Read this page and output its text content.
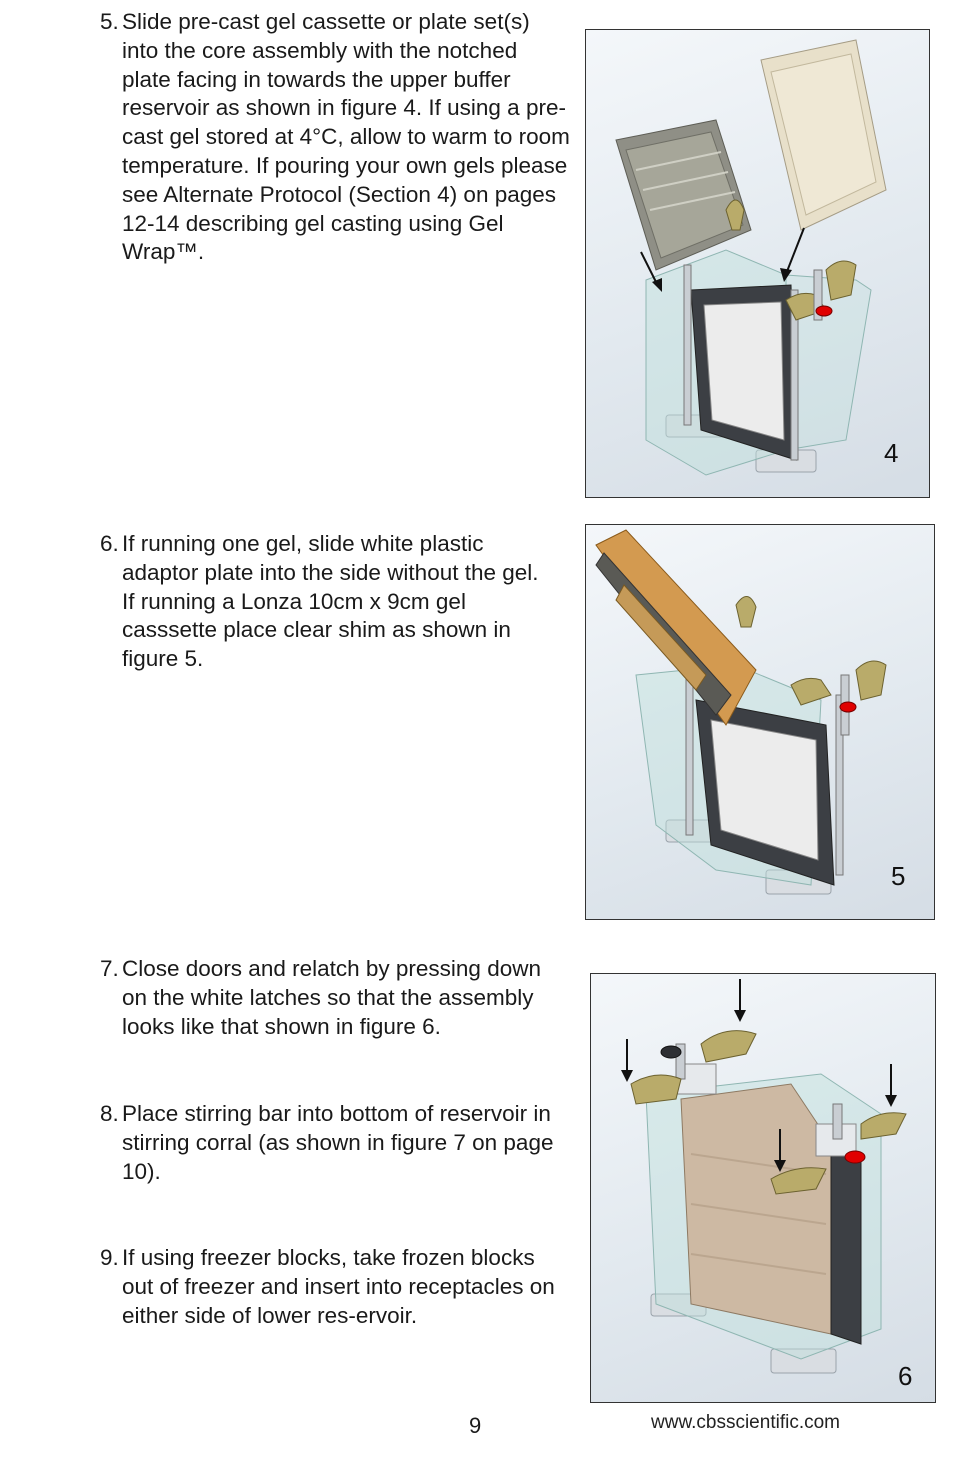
5. Slide pre-cast gel cassette or plate set(s) into the core assembly with the notched plate facing in towards the upper buffer reservoir as shown in figure 4. If using a pre-cast gel stored at 4°C, allow to warm to room temperature. If pouring your own gels please see Alternate Protocol (Section 4) on pages 12-14 describing gel casting using Gel Wrap™.
6. If running one gel, slide white plastic adaptor plate into the side without the gel. If running a Lonza 10cm x 9cm gel casssette place clear shim as shown in figure 5.
7. Close doors and relatch by pressing down on the white latches so that the assembly looks like that shown in figure 6.
8. Place stirring bar into bottom of reservoir in stirring corral (as shown in figure 7 on page 10).
9. If using freezer blocks, take frozen blocks out of freezer and insert into receptacles on either side of lower res-ervoir.
4
5
6
9	www.cbsscientific.com
